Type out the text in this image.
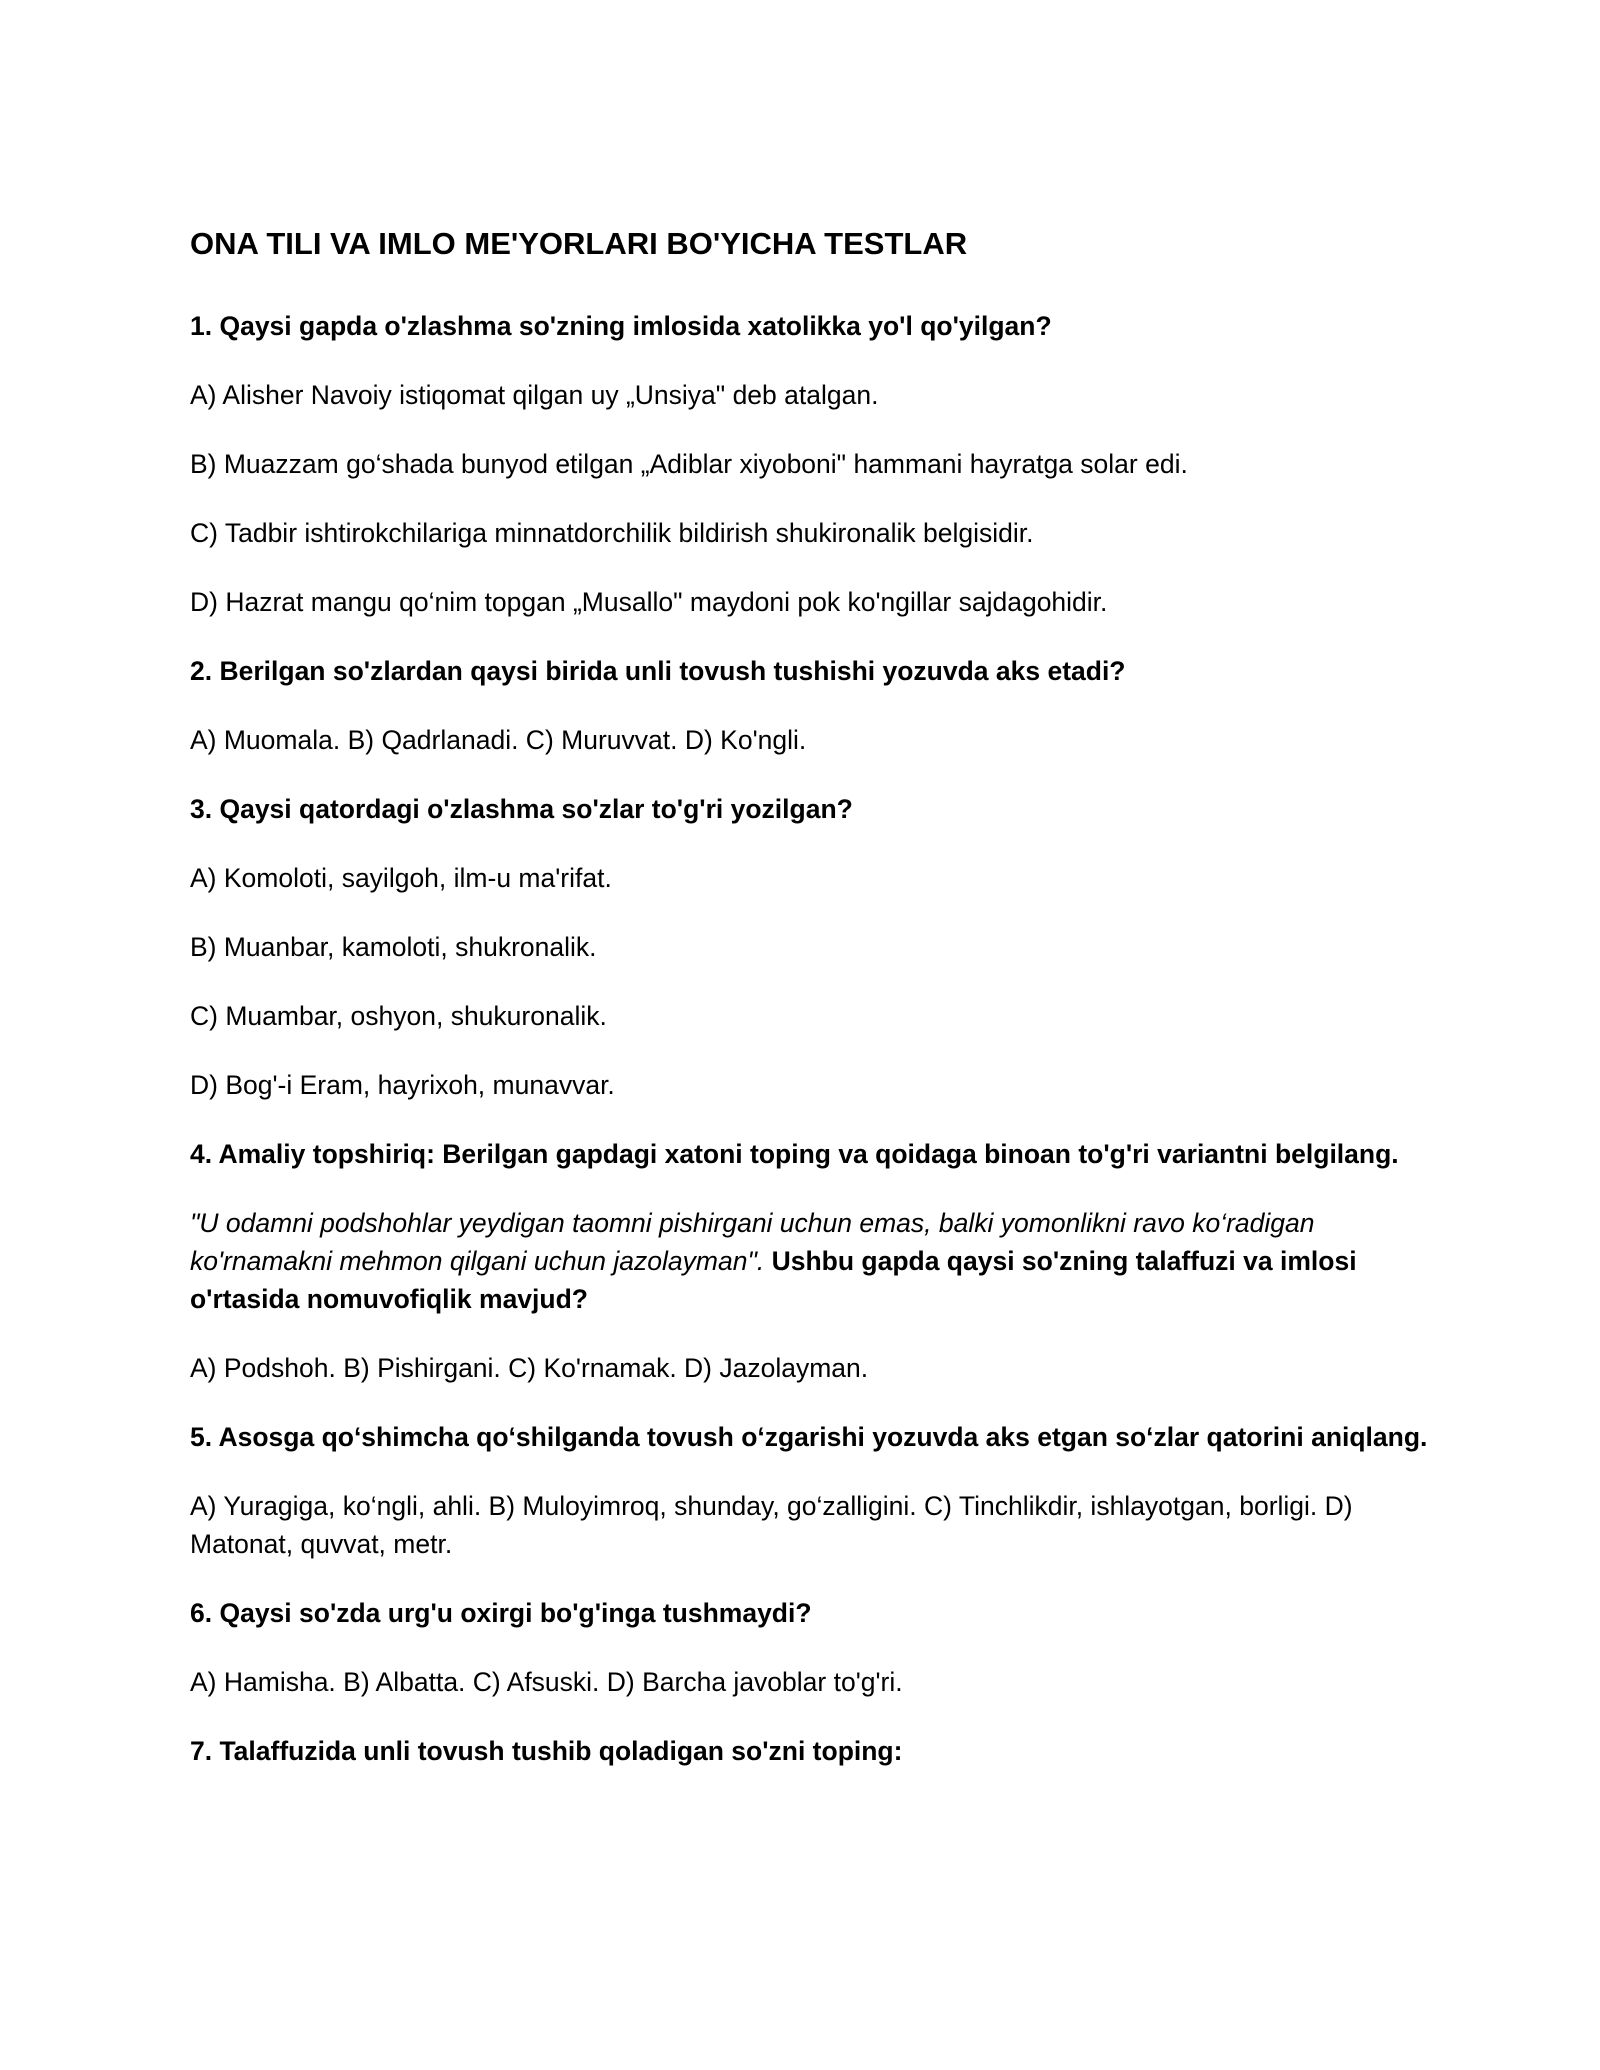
ONA TILI VA IMLO ME'YORLARI BO'YICHA TESTLAR
1. Qaysi gapda o'zlashma so'zning imlosida xatolikka yo'l qo'yilgan?
A) Alisher Navoiy istiqomat qilgan uy „Unsiya" deb atalgan.
B) Muazzam go‘shada bunyod etilgan „Adiblar xiyoboni" hammani hayratga solar edi.
C) Tadbir ishtirokchilariga minnatdorchilik bildirish shukironalik belgisidir.
D) Hazrat mangu qo‘nim topgan „Musallo" maydoni pok ko'ngillar sajdagohidir.
2. Berilgan so'zlardan qaysi birida unli tovush tushishi yozuvda aks etadi?
A) Muomala. B) Qadrlanadi. C) Muruvvat. D) Ko'ngli.
3. Qaysi qatordagi o'zlashma so'zlar to'g'ri yozilgan?
A) Komoloti, sayilgoh, ilm-u ma'rifat.
B) Muanbar, kamoloti, shukronalik.
C) Muambar, oshyon, shukuronalik.
D) Bog'-i Eram, hayrixoh, munavvar.
4. Amaliy topshiriq: Berilgan gapdagi xatoni toping va qoidaga binoan to'g'ri variantni belgilang.
"U odamni podshohlar yeydigan taomni pishirgani uchun emas, balki yomonlikni ravo ko‘radigan ko'rnamakni mehmon qilgani uchun jazolayman". Ushbu gapda qaysi so'zning talaffuzi va imlosi o'rtasida nomuvofiqlik mavjud?
A) Podshoh. B) Pishirgani. C) Ko'rnamak. D) Jazolayman.
5. Asosga qo‘shimcha qo‘shilganda tovush o‘zgarishi yozuvda aks etgan so‘zlar qatorini aniqlang.
A) Yuragiga, ko‘ngli, ahli. B) Muloyimroq, shunday, go‘zalligini. C) Tinchlikdir, ishlayotgan, borligi. D) Matonat, quvvat, metr.
6. Qaysi so'zda urg'u oxirgi bo'g'inga tushmaydi?
A) Hamisha. B) Albatta. C) Afsuski. D) Barcha javoblar to'g'ri.
7. Talaffuzida unli tovush tushib qoladigan so'zni toping:
